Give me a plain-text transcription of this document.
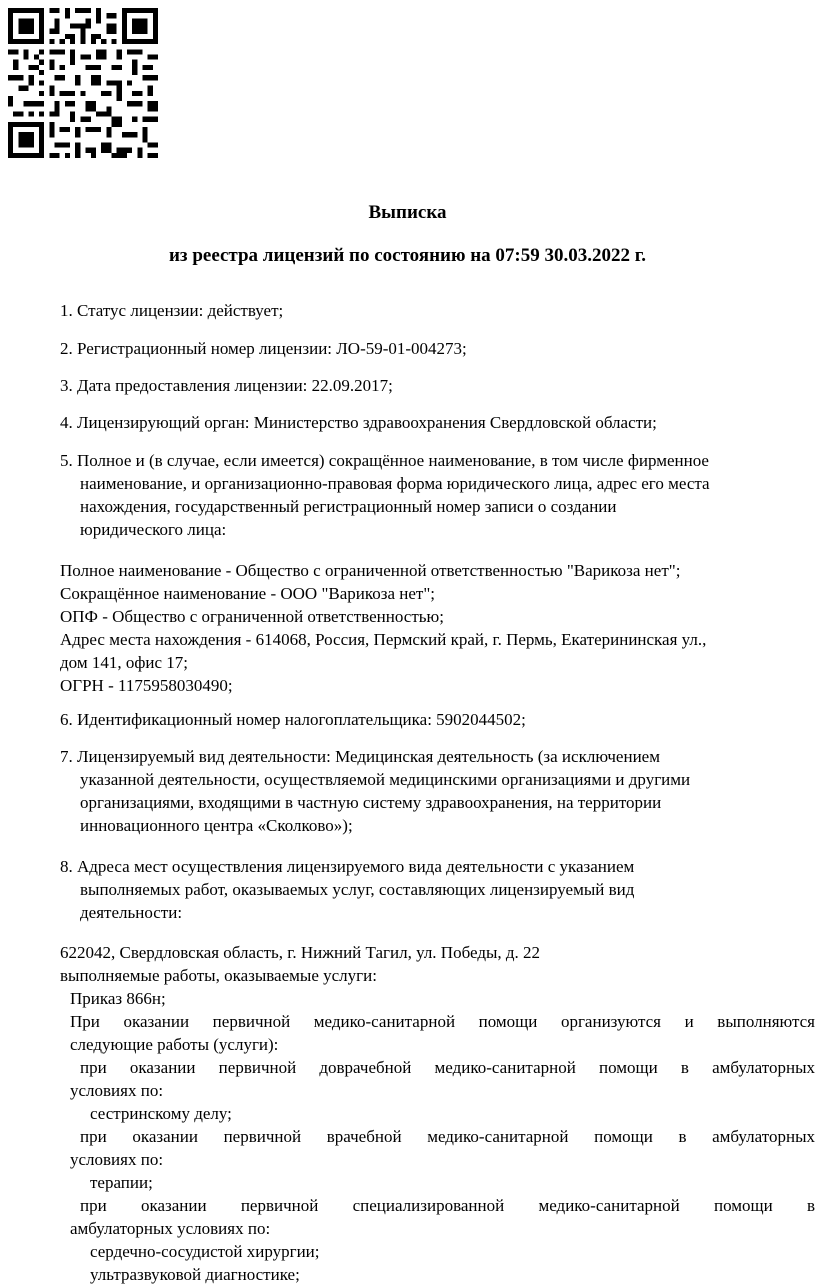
Выписка
из реестра лицензий по состоянию на 07:59 30.03.2022 г.
1. Статус лицензии: действует;
2. Регистрационный номер лицензии: ЛО-59-01-004273;
3. Дата предоставления лицензии: 22.09.2017;
4. Лицензирующий орган: Министерство здравоохранения Свердловской области;
5. Полное и (в случае, если имеется) сокращённое наименование, в том числе фирменное
наименование, и организационно-правовая форма юридического лица, адрес его места
нахождения, государственный регистрационный номер записи о создании
юридического лица:
Полное наименование - Общество с ограниченной ответственностью "Варикоза нет";
Сокращённое наименование - ООО "Варикоза нет";
ОПФ - Общество с ограниченной ответственностью;
Адрес места нахождения - 614068, Россия, Пермский край, г. Пермь, Екатерининская ул.,
дом 141, офис 17;
ОГРН - 1175958030490;
6. Идентификационный номер налогоплательщика: 5902044502;
7. Лицензируемый вид деятельности: Медицинская деятельность (за исключением
указанной деятельности, осуществляемой медицинскими организациями и другими
организациями, входящими в частную систему здравоохранения, на территории
инновационного центра «Сколково»);
8. Адреса мест осуществления лицензируемого вида деятельности с указанием
выполняемых работ, оказываемых услуг, составляющих лицензируемый вид
деятельности:
622042, Свердловская область, г. Нижний Тагил, ул. Победы, д. 22
выполняемые работы, оказываемые услуги:
Приказ 866н;
При оказании первичной медико-санитарной помощи организуются и выполняются
следующие работы (услуги):
при оказании первичной доврачебной медико-санитарной помощи в амбулаторных
условиях по:
сестринскому делу;
при оказании первичной врачебной медико-санитарной помощи в амбулаторных
условиях по:
терапии;
при оказании первичной специализированной медико-санитарной помощи в
амбулаторных условиях по:
сердечно-сосудистой хирургии;
ультразвуковой диагностике;
